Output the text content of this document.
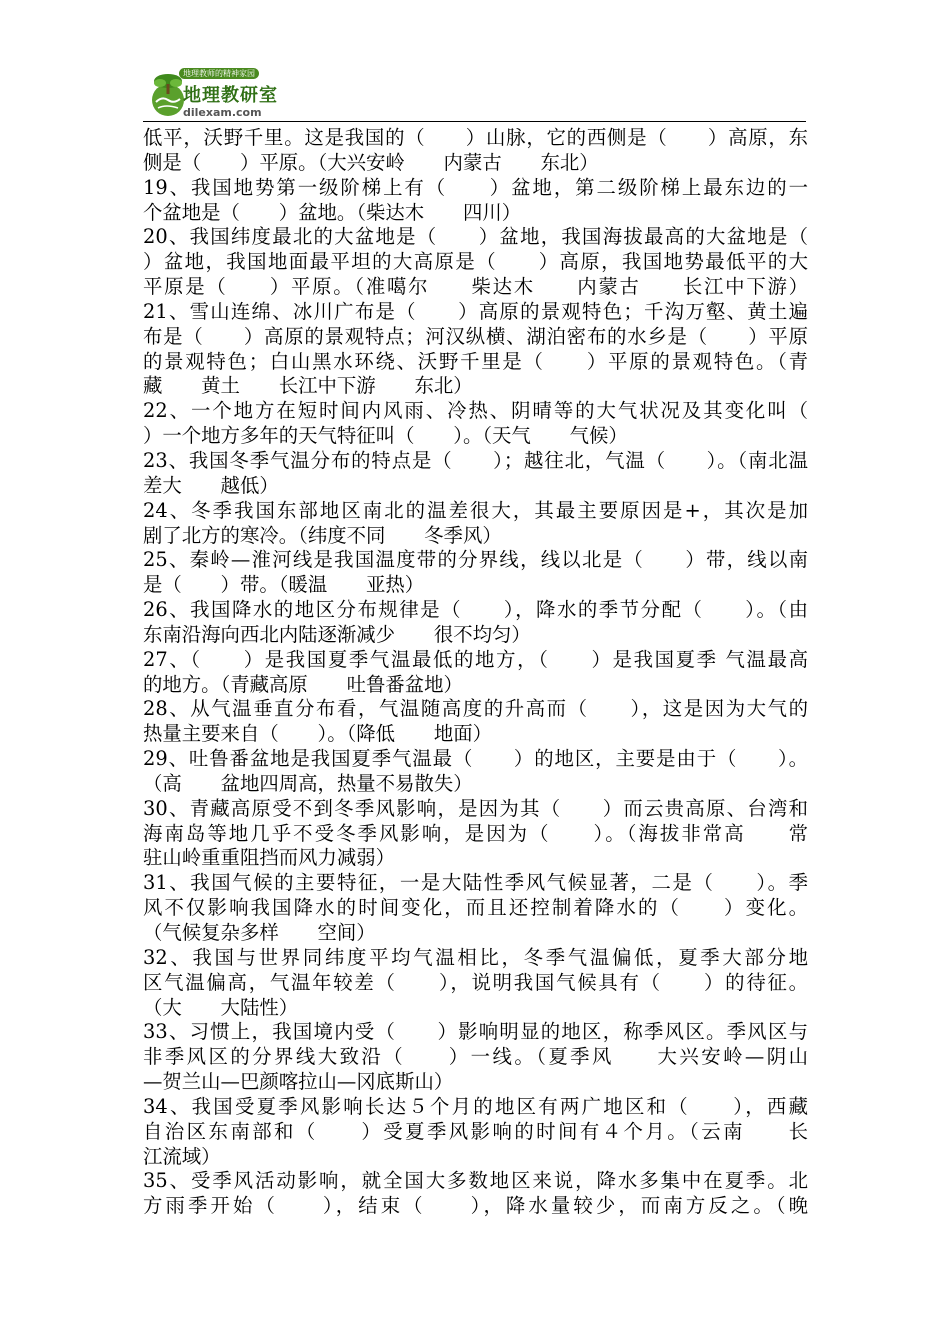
地理教师的精神家园
地理教研室
dilexam.com
低平，沃野千里。这是我国的（　　）山脉，它的西侧是（　　）高原，东
侧是（　　）平原。（大兴安岭　　内蒙古　　东北）
19、我国地势第一级阶梯上有（　　）盆地，第二级阶梯上最东边的一
个盆地是（　　）盆地。（柴达木　　四川）
20、我国纬度最北的大盆地是（　　）盆地，我国海拔最高的大盆地是（
）盆地，我国地面最平坦的大高原是（　　）高原，我国地势最低平的大
平原是（　　）平原。（准噶尔　　柴达木　　内蒙古　　长江中下游）
21、雪山连绵、冰川广布是（　　）高原的景观特色；千沟万壑、黄土遍
布是（　　）高原的景观特点；河汉纵横、湖泊密布的水乡是（　　）平原
的景观特色；白山黑水环绕、沃野千里是（　　）平原的景观特色。（青
藏　　黄土　　长江中下游　　东北）
22、一个地方在短时间内风雨、冷热、阴晴等的大气状况及其变化叫（
）一个地方多年的天气特征叫（　　）。（天气　　气候）
23、我国冬季气温分布的特点是（　　）；越往北，气温（　　）。（南北温
差大　　越低）
24、冬季我国东部地区南北的温差很大，其最主要原因是+，其次是加
剧了北方的寒冷。（纬度不同　　冬季风）
25、秦岭—淮河线是我国温度带的分界线，线以北是（　　）带，线以南
是（　　）带。（暖温　　亚热）
26、我国降水的地区分布规律是（　　），降水的季节分配（　　）。（由
东南沿海向西北内陆逐渐减少　　很不均匀）
27、（　　）是我国夏季气温最低的地方，（　　）是我国夏季 气温最高
的地方。（青藏高原　　吐鲁番盆地）
28、从气温垂直分布看，气温随高度的升高而（　　），这是因为大气的
热量主要来自（　　）。（降低　　地面）
29、吐鲁番盆地是我国夏季气温最（　　）的地区，主要是由于（　　）。
（高　　盆地四周高，热量不易散失）
30、青藏高原受不到冬季风影响，是因为其（　　）而云贵高原、台湾和
海南岛等地几乎不受冬季风影响，是因为（　　）。（海拔非常高　　常
驻山岭重重阻挡而风力减弱）
31、我国气候的主要特征，一是大陆性季风气候显著，二是（　　）。季
风不仅影响我国降水的时间变化，而且还控制着降水的（　　）变化。
（气候复杂多样　　空间）
32、我国与世界同纬度平均气温相比，冬季气温偏低，夏季大部分地
区气温偏高，气温年较差（　　），说明我国气候具有（　　）的待征。
（大　　大陆性）
33、习惯上，我国境内受（　　）影响明显的地区，称季风区。季风区与
非季风区的分界线大致沿（　　）一线。（夏季风　　大兴安岭—阴山
—贺兰山—巴颜喀拉山—冈底斯山）
34、我国受夏季风影响长达５个月的地区有两广地区和（　　），西藏
自治区东南部和（　　）受夏季风影响的时间有４个月。（云南　　长
江流域）
35、受季风活动影响，就全国大多数地区来说，降水多集中在夏季。北
方雨季开始（　　），结束（　　），降水量较少，而南方反之。（晚
